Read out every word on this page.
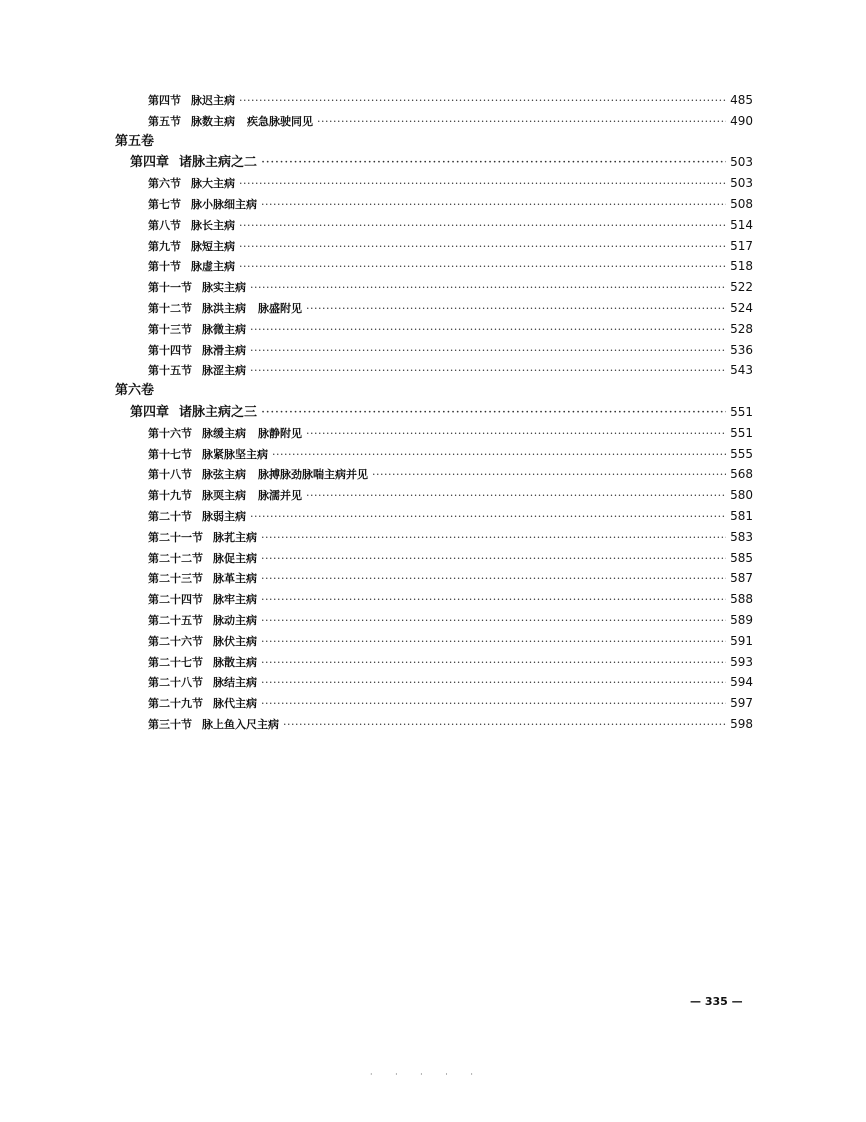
第四节 脉迟主病 ·····	485
第五节 脉数主病	疾急脉驶同见 ·····	490
第五卷
第四章 诸脉主病之二 ·····	503
第六节 脉大主病 ·····	503
第七节 脉小脉细主病 ·····	508
第八节 脉长主病 ·····	514
第九节 脉短主病 ·····	517
第十节 脉虚主病 ·····	518
第十一节 脉实主病 ·····	522
第十二节 脉洪主病	脉盛附见 ·····	524
第十三节 脉微主病 ·····	528
第十四节 脉滑主病 ·····	536
第十五节 脉涩主病 ·····	543
第六卷
第四章 诸脉主病之三 ·····	551
第十六节 脉缓主病	脉静附见 ·····	551
第十七节 脉紧脉坚主病 ·····	555
第十八节 脉弦主病	脉搏脉劲脉喘主病并见 ·····	568
第十九节 脉耎主病	脉濡并见 ·····	580
第二十节 脉弱主病 ·····	581
第二十一节 脉芤主病 ·····	583
第二十二节 脉促主病 ·····	585
第二十三节 脉革主病 ·····	587
第二十四节 脉牢主病 ·····	588
第二十五节 脉动主病 ·····	589
第二十六节 脉伏主病 ·····	591
第二十七节 脉散主病 ·····	593
第二十八节 脉结主病 ·····	594
第二十九节 脉代主病 ·····	597
第三十节 脉上鱼入尺主病 ·····	598
— 335 —
· · · · ·
